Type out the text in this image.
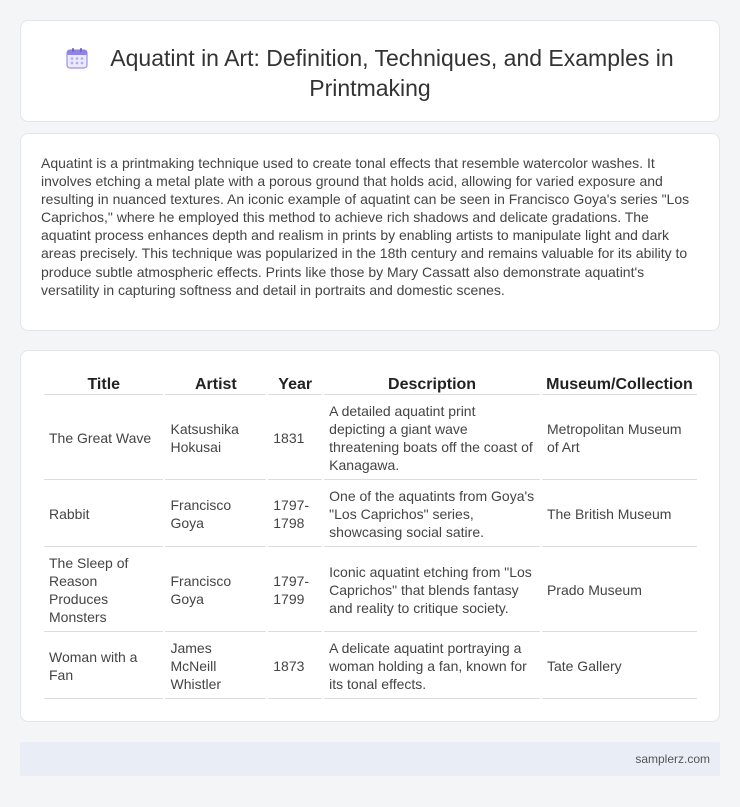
Aquatint in Art: Definition, Techniques, and Examples in Printmaking

Aquatint is a printmaking technique used to create tonal effects that resemble watercolor washes. It involves etching a metal plate with a porous ground that holds acid, allowing for varied exposure and resulting in nuanced textures. An iconic example of aquatint can be seen in Francisco Goya's series "Los Caprichos," where he employed this method to achieve rich shadows and delicate gradations. The aquatint process enhances depth and realism in prints by enabling artists to manipulate light and dark areas precisely. This technique was popularized in the 18th century and remains valuable for its ability to produce subtle atmospheric effects. Prints like those by Mary Cassatt also demonstrate aquatint's versatility in capturing softness and detail in portraits and domestic scenes.

Title	Artist	Year	Description	Museum/Collection
The Great Wave	Katsushika Hokusai	1831	A detailed aquatint print depicting a giant wave threatening boats off the coast of Kanagawa.	Metropolitan Museum of Art
Rabbit	Francisco Goya	1797-1798	One of the aquatints from Goya's "Los Caprichos" series, showcasing social satire.	The British Museum
The Sleep of Reason Produces Monsters	Francisco Goya	1797-1799	Iconic aquatint etching from "Los Caprichos" that blends fantasy and reality to critique society.	Prado Museum
Woman with a Fan	James McNeill Whistler	1873	A delicate aquatint portraying a woman holding a fan, known for its tonal effects.	Tate Gallery
samplerz.com
